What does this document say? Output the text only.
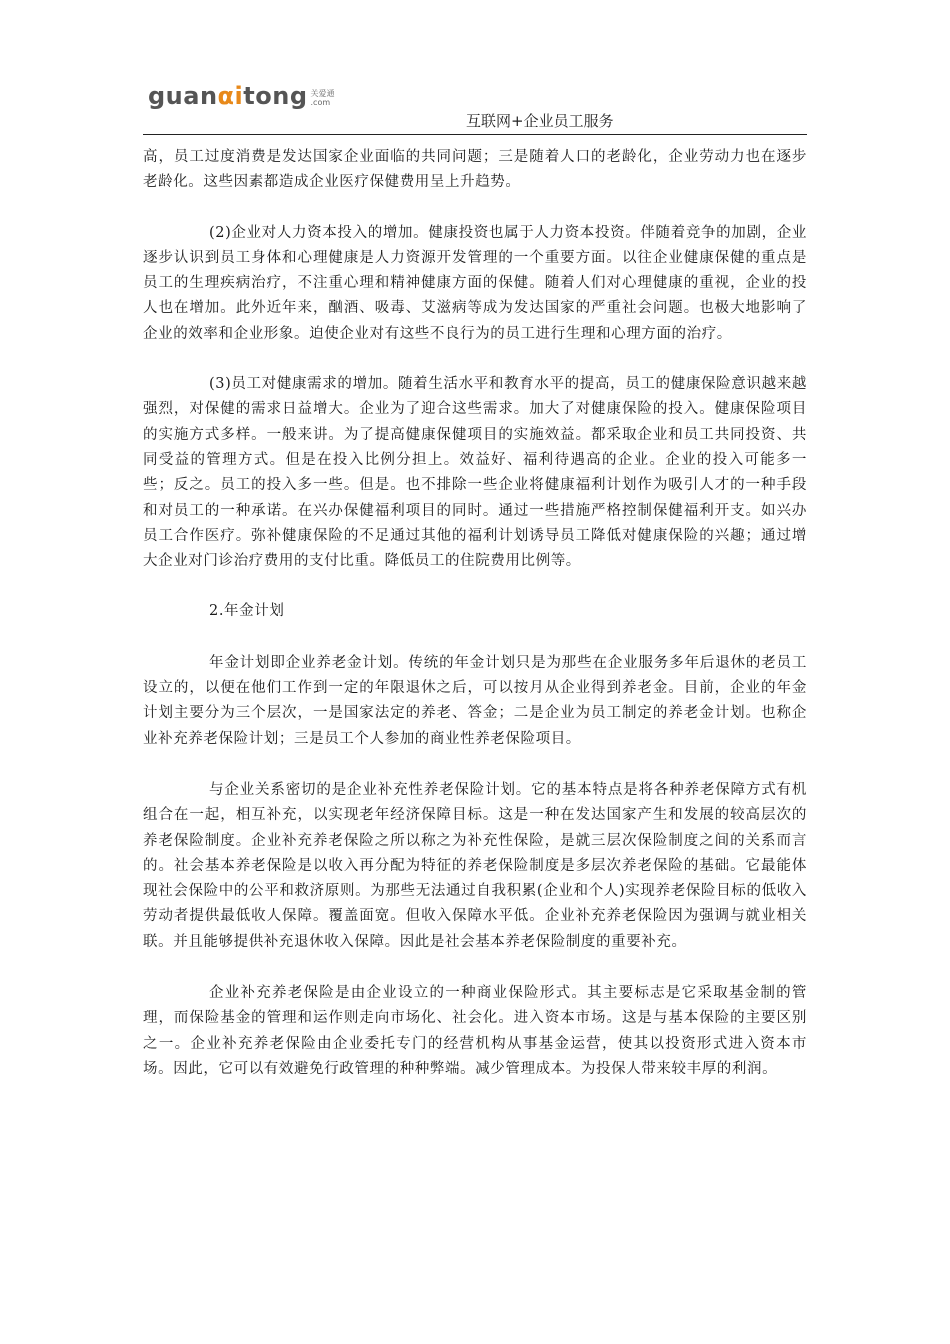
guanαitong 关爱通
.com
互联网+企业员工服务

高，员工过度消费是发达国家企业面临的共同问题；三是随着人口的老龄化，企业劳动力也在逐步老龄化。这些因素都造成企业医疗保健费用呈上升趋势。

(2)企业对人力资本投入的增加。健康投资也属于人力资本投资。伴随着竞争的加剧，企业逐步认识到员工身体和心理健康是人力资源开发管理的一个重要方面。以往企业健康保健的重点是员工的生理疾病治疗，不注重心理和精神健康方面的保健。随着人们对心理健康的重视，企业的投人也在增加。此外近年来，酗酒、吸毒、艾滋病等成为发达国家的严重社会问题。也极大地影响了企业的效率和企业形象。迫使企业对有这些不良行为的员工进行生理和心理方面的治疗。

(3)员工对健康需求的增加。随着生活水平和教育水平的提高，员工的健康保险意识越来越强烈，对保健的需求日益增大。企业为了迎合这些需求。加大了对健康保险的投入。健康保险项目的实施方式多样。一般来讲。为了提高健康保健项目的实施效益。都采取企业和员工共同投资、共同受益的管理方式。但是在投入比例分担上。效益好、福利待遇高的企业。企业的投入可能多一些；反之。员工的投入多一些。但是。也不排除一些企业将健康福利计划作为吸引人才的一种手段和对员工的一种承诺。在兴办保健福利项目的同时。通过一些措施严格控制保健福利开支。如兴办员工合作医疗。弥补健康保险的不足通过其他的福利计划诱导员工降低对健康保险的兴趣；通过增大企业对门诊治疗费用的支付比重。降低员工的住院费用比例等。

2.年金计划

年金计划即企业养老金计划。传统的年金计划只是为那些在企业服务多年后退休的老员工设立的，以便在他们工作到一定的年限退休之后，可以按月从企业得到养老金。目前，企业的年金计划主要分为三个层次，一是国家法定的养老、答金；二是企业为员工制定的养老金计划。也称企业补充养老保险计划；三是员工个人参加的商业性养老保险项目。

与企业关系密切的是企业补充性养老保险计划。它的基本特点是将各种养老保障方式有机组合在一起，相互补充，以实现老年经济保障目标。这是一种在发达国家产生和发展的较高层次的养老保险制度。企业补充养老保险之所以称之为补充性保险，是就三层次保险制度之间的关系而言的。社会基本养老保险是以收入再分配为特征的养老保险制度是多层次养老保险的基础。它最能体现社会保险中的公平和救济原则。为那些无法通过自我积累(企业和个人)实现养老保险目标的低收入劳动者提供最低收人保障。覆盖面宽。但收入保障水平低。企业补充养老保险因为强调与就业相关联。并且能够提供补充退休收入保障。因此是社会基本养老保险制度的重要补充。

企业补充养老保险是由企业设立的一种商业保险形式。其主要标志是它采取基金制的管理，而保险基金的管理和运作则走向市场化、社会化。进入资本市场。这是与基本保险的主要区别之一。企业补充养老保险由企业委托专门的经营机构从事基金运营，使其以投资形式进入资本市场。因此，它可以有效避免行政管理的种种弊端。减少管理成本。为投保人带来较丰厚的利润。
